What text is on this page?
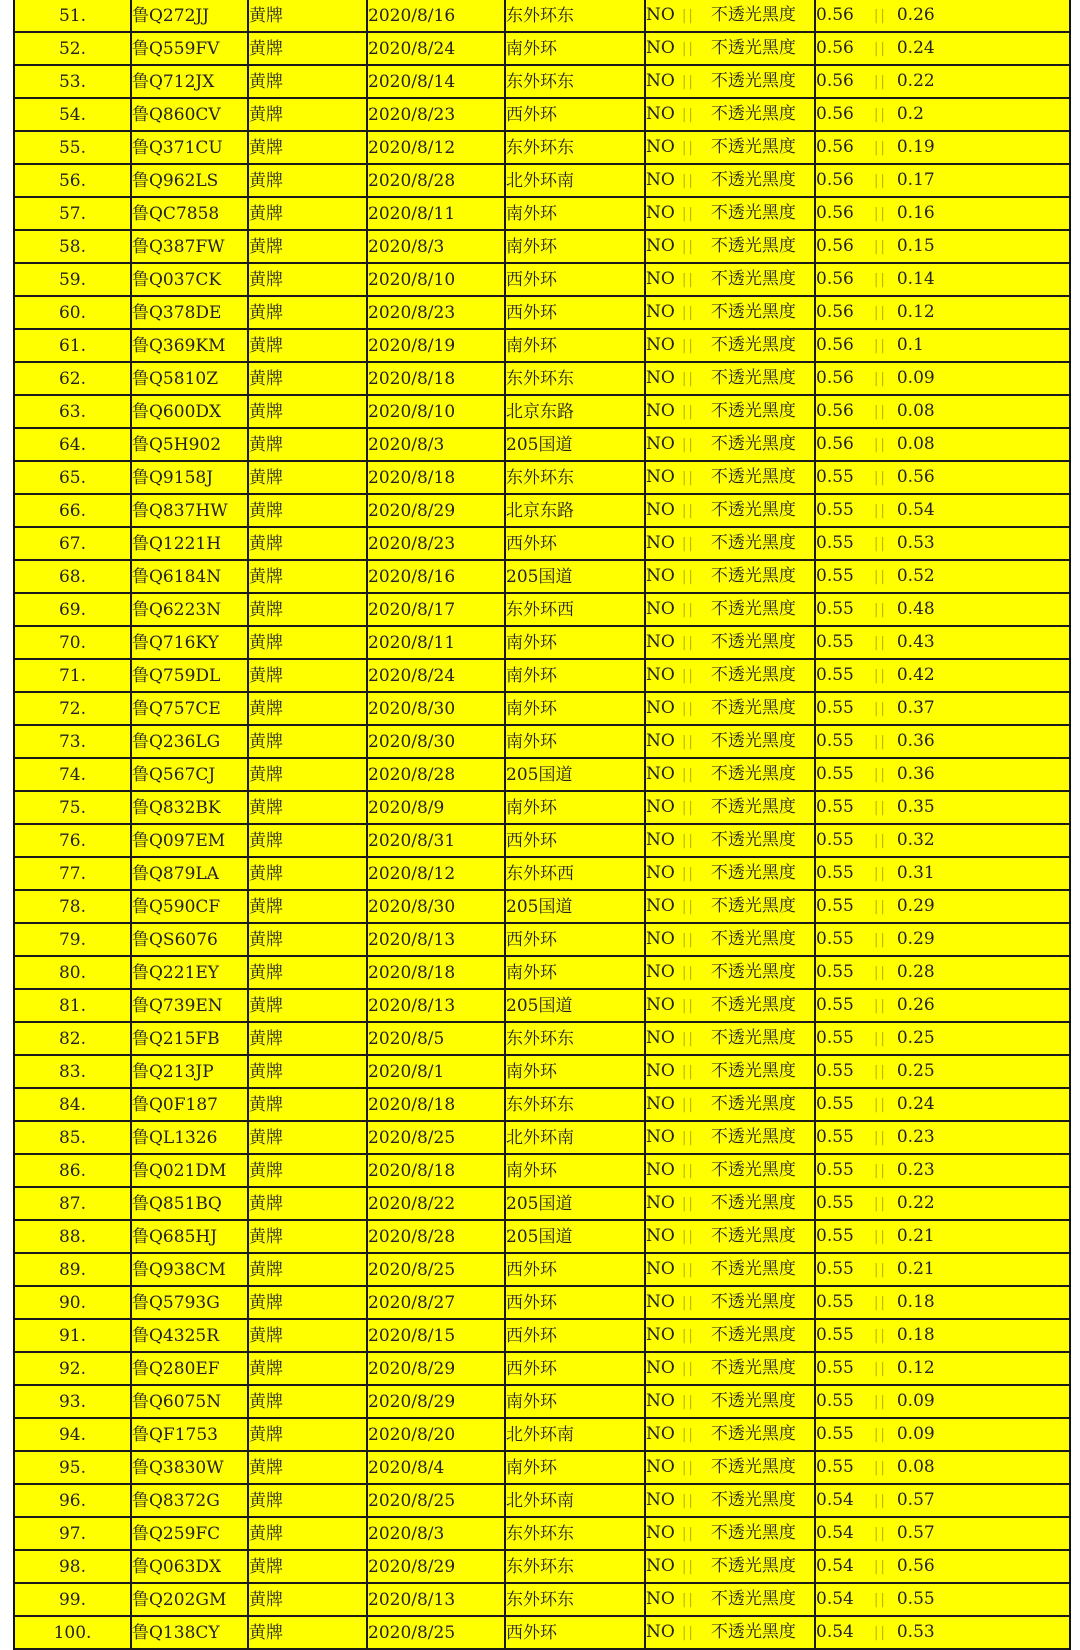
51.	鲁Q272JJ	黄牌	2020/8/16	东外环东	NO || 不透光黑度	0.56 || 0.26
52.	鲁Q559FV	黄牌	2020/8/24	南外环	NO || 不透光黑度	0.56 || 0.24
53.	鲁Q712JX	黄牌	2020/8/14	东外环东	NO || 不透光黑度	0.56 || 0.22
54.	鲁Q860CV	黄牌	2020/8/23	西外环	NO || 不透光黑度	0.56 || 0.2
55.	鲁Q371CU	黄牌	2020/8/12	东外环东	NO || 不透光黑度	0.56 || 0.19
56.	鲁Q962LS	黄牌	2020/8/28	北外环南	NO || 不透光黑度	0.56 || 0.17
57.	鲁QC7858	黄牌	2020/8/11	南外环	NO || 不透光黑度	0.56 || 0.16
58.	鲁Q387FW	黄牌	2020/8/3	南外环	NO || 不透光黑度	0.56 || 0.15
59.	鲁Q037CK	黄牌	2020/8/10	西外环	NO || 不透光黑度	0.56 || 0.14
60.	鲁Q378DE	黄牌	2020/8/23	西外环	NO || 不透光黑度	0.56 || 0.12
61.	鲁Q369KM	黄牌	2020/8/19	南外环	NO || 不透光黑度	0.56 || 0.1
62.	鲁Q5810Z	黄牌	2020/8/18	东外环东	NO || 不透光黑度	0.56 || 0.09
63.	鲁Q600DX	黄牌	2020/8/10	北京东路	NO || 不透光黑度	0.56 || 0.08
64.	鲁Q5H902	黄牌	2020/8/3	205国道	NO || 不透光黑度	0.56 || 0.08
65.	鲁Q9158J	黄牌	2020/8/18	东外环东	NO || 不透光黑度	0.55 || 0.56
66.	鲁Q837HW	黄牌	2020/8/29	北京东路	NO || 不透光黑度	0.55 || 0.54
67.	鲁Q1221H	黄牌	2020/8/23	西外环	NO || 不透光黑度	0.55 || 0.53
68.	鲁Q6184N	黄牌	2020/8/16	205国道	NO || 不透光黑度	0.55 || 0.52
69.	鲁Q6223N	黄牌	2020/8/17	东外环西	NO || 不透光黑度	0.55 || 0.48
70.	鲁Q716KY	黄牌	2020/8/11	南外环	NO || 不透光黑度	0.55 || 0.43
71.	鲁Q759DL	黄牌	2020/8/24	南外环	NO || 不透光黑度	0.55 || 0.42
72.	鲁Q757CE	黄牌	2020/8/30	南外环	NO || 不透光黑度	0.55 || 0.37
73.	鲁Q236LG	黄牌	2020/8/30	南外环	NO || 不透光黑度	0.55 || 0.36
74.	鲁Q567CJ	黄牌	2020/8/28	205国道	NO || 不透光黑度	0.55 || 0.36
75.	鲁Q832BK	黄牌	2020/8/9	南外环	NO || 不透光黑度	0.55 || 0.35
76.	鲁Q097EM	黄牌	2020/8/31	西外环	NO || 不透光黑度	0.55 || 0.32
77.	鲁Q879LA	黄牌	2020/8/12	东外环西	NO || 不透光黑度	0.55 || 0.31
78.	鲁Q590CF	黄牌	2020/8/30	205国道	NO || 不透光黑度	0.55 || 0.29
79.	鲁QS6076	黄牌	2020/8/13	西外环	NO || 不透光黑度	0.55 || 0.29
80.	鲁Q221EY	黄牌	2020/8/18	南外环	NO || 不透光黑度	0.55 || 0.28
81.	鲁Q739EN	黄牌	2020/8/13	205国道	NO || 不透光黑度	0.55 || 0.26
82.	鲁Q215FB	黄牌	2020/8/5	东外环东	NO || 不透光黑度	0.55 || 0.25
83.	鲁Q213JP	黄牌	2020/8/1	南外环	NO || 不透光黑度	0.55 || 0.25
84.	鲁Q0F187	黄牌	2020/8/18	东外环东	NO || 不透光黑度	0.55 || 0.24
85.	鲁QL1326	黄牌	2020/8/25	北外环南	NO || 不透光黑度	0.55 || 0.23
86.	鲁Q021DM	黄牌	2020/8/18	南外环	NO || 不透光黑度	0.55 || 0.23
87.	鲁Q851BQ	黄牌	2020/8/22	205国道	NO || 不透光黑度	0.55 || 0.22
88.	鲁Q685HJ	黄牌	2020/8/28	205国道	NO || 不透光黑度	0.55 || 0.21
89.	鲁Q938CM	黄牌	2020/8/25	西外环	NO || 不透光黑度	0.55 || 0.21
90.	鲁Q5793G	黄牌	2020/8/27	西外环	NO || 不透光黑度	0.55 || 0.18
91.	鲁Q4325R	黄牌	2020/8/15	西外环	NO || 不透光黑度	0.55 || 0.18
92.	鲁Q280EF	黄牌	2020/8/29	西外环	NO || 不透光黑度	0.55 || 0.12
93.	鲁Q6075N	黄牌	2020/8/29	南外环	NO || 不透光黑度	0.55 || 0.09
94.	鲁QF1753	黄牌	2020/8/20	北外环南	NO || 不透光黑度	0.55 || 0.09
95.	鲁Q3830W	黄牌	2020/8/4	南外环	NO || 不透光黑度	0.55 || 0.08
96.	鲁Q8372G	黄牌	2020/8/25	北外环南	NO || 不透光黑度	0.54 || 0.57
97.	鲁Q259FC	黄牌	2020/8/3	东外环东	NO || 不透光黑度	0.54 || 0.57
98.	鲁Q063DX	黄牌	2020/8/29	东外环东	NO || 不透光黑度	0.54 || 0.56
99.	鲁Q202GM	黄牌	2020/8/13	东外环东	NO || 不透光黑度	0.54 || 0.55
100.	鲁Q138CY	黄牌	2020/8/25	西外环	NO || 不透光黑度	0.54 || 0.53
